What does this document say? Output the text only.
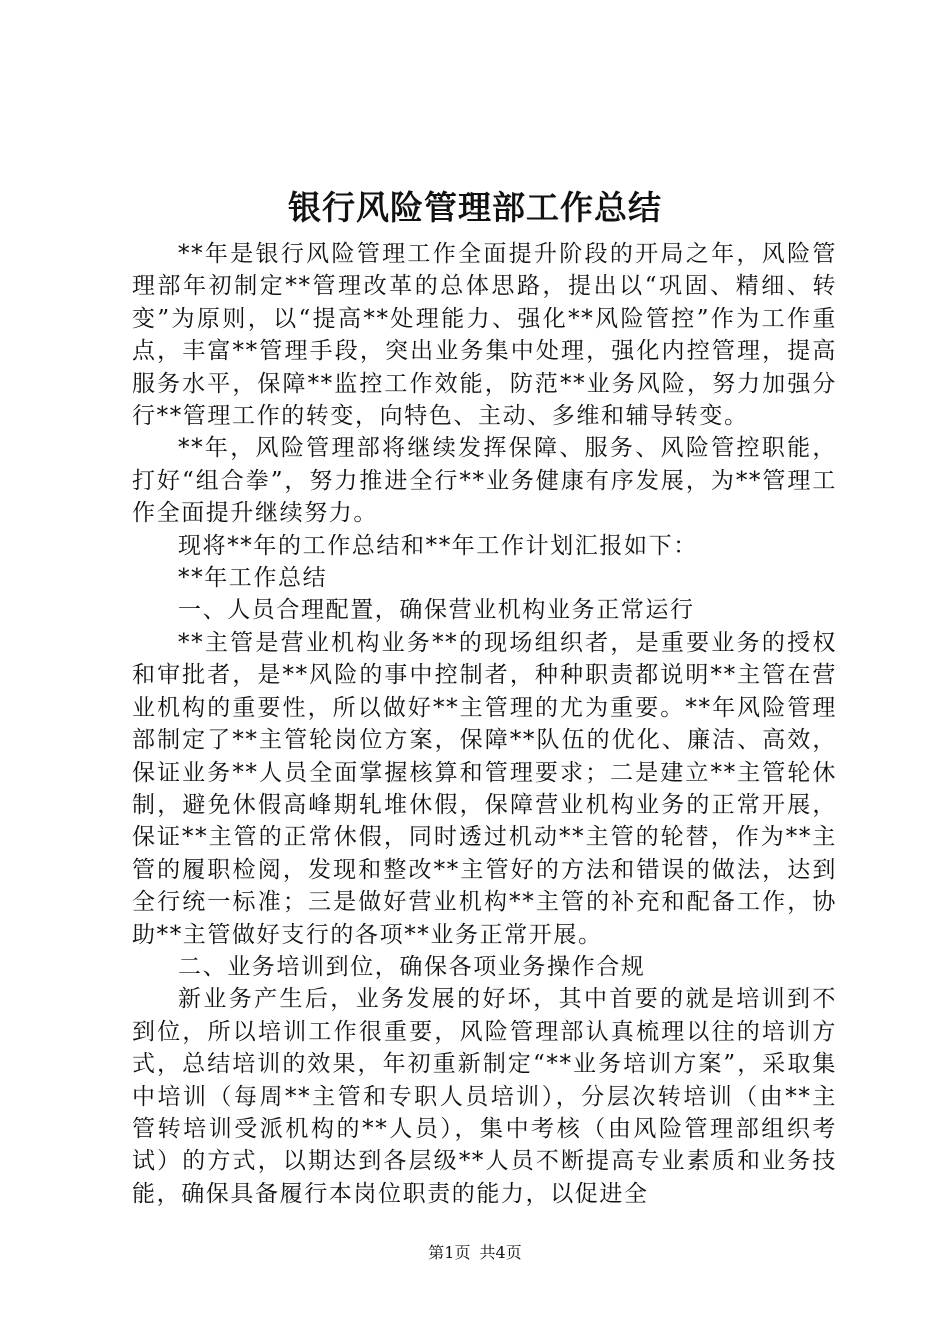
银行风险管理部工作总结

**年是银行风险管理工作全面提升阶段的开局之年，风险管理部年初制定**管理改革的总体思路，提出以“巩固、精细、转变”为原则，以“提高**处理能力、强化**风险管控”作为工作重点，丰富**管理手段，突出业务集中处理，强化内控管理，提高服务水平，保障**监控工作效能，防范**业务风险，努力加强分行**管理工作的转变，向特色、主动、多维和辅导转变。

**年，风险管理部将继续发挥保障、服务、风险管控职能，打好“组合拳”，努力推进全行**业务健康有序发展，为**管理工作全面提升继续努力。

现将**年的工作总结和**年工作计划汇报如下：

**年工作总结

一、人员合理配置，确保营业机构业务正常运行

**主管是营业机构业务**的现场组织者，是重要业务的授权和审批者，是**风险的事中控制者，种种职责都说明**主管在营业机构的重要性，所以做好**主管理的尤为重要。**年风险管理部制定了**主管轮岗位方案，保障**队伍的优化、廉洁、高效，保证业务**人员全面掌握核算和管理要求；二是建立**主管轮休制，避免休假高峰期轧堆休假，保障营业机构业务的正常开展，保证**主管的正常休假，同时透过机动**主管的轮替，作为**主管的履职检阅，发现和整改**主管好的方法和错误的做法，达到全行统一标准；三是做好营业机构**主管的补充和配备工作，协助**主管做好支行的各项**业务正常开展。

二、业务培训到位，确保各项业务操作合规

新业务产生后，业务发展的好坏，其中首要的就是培训到不到位，所以培训工作很重要，风险管理部认真梳理以往的培训方式，总结培训的效果，年初重新制定“**业务培训方案”，采取集中培训（每周**主管和专职人员培训），分层次转培训（由**主管转培训受派机构的**人员），集中考核（由风险管理部组织考试）的方式，以期达到各层级**人员不断提高专业素质和业务技能，确保具备履行本岗位职责的能力，以促进全

第1页 共4页
